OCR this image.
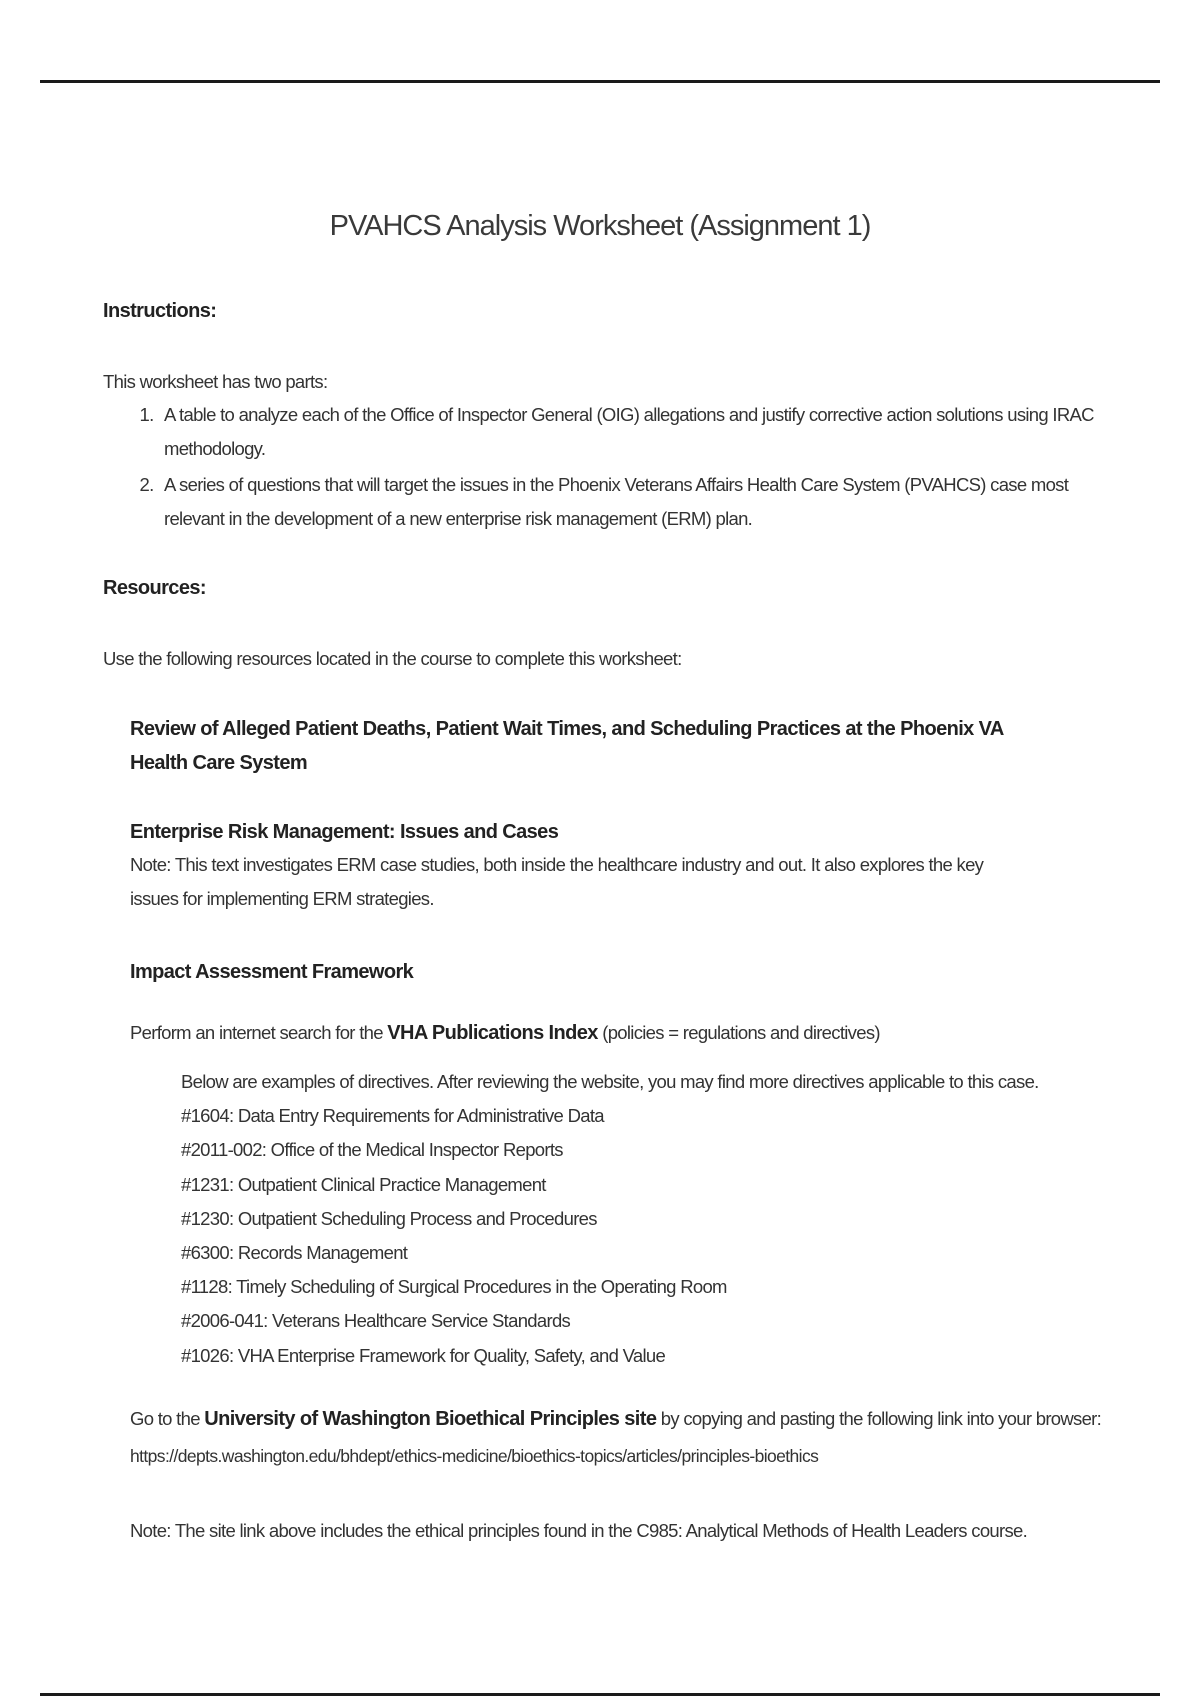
PVAHCS Analysis Worksheet (Assignment 1)
Instructions:
This worksheet has two parts:
1. A table to analyze each of the Office of Inspector General (OIG) allegations and justify corrective action solutions using IRAC methodology.
2. A series of questions that will target the issues in the Phoenix Veterans Affairs Health Care System (PVAHCS) case most relevant in the development of a new enterprise risk management (ERM) plan.
Resources:
Use the following resources located in the course to complete this worksheet:
Review of Alleged Patient Deaths, Patient Wait Times, and Scheduling Practices at the Phoenix VA Health Care System
Enterprise Risk Management: Issues and Cases
Note: This text investigates ERM case studies, both inside the healthcare industry and out. It also explores the key issues for implementing ERM strategies.
Impact Assessment Framework
Perform an internet search for the VHA Publications Index (policies = regulations and directives)
Below are examples of directives. After reviewing the website, you may find more directives applicable to this case.
#1604: Data Entry Requirements for Administrative Data
#2011-002: Office of the Medical Inspector Reports
#1231: Outpatient Clinical Practice Management
#1230: Outpatient Scheduling Process and Procedures
#6300: Records Management
#1128: Timely Scheduling of Surgical Procedures in the Operating Room
#2006-041: Veterans Healthcare Service Standards
#1026: VHA Enterprise Framework for Quality, Safety, and Value
Go to the University of Washington Bioethical Principles site by copying and pasting the following link into your browser:
https://depts.washington.edu/bhdept/ethics-medicine/bioethics-topics/articles/principles-bioethics
Note: The site link above includes the ethical principles found in the C985: Analytical Methods of Health Leaders course.
